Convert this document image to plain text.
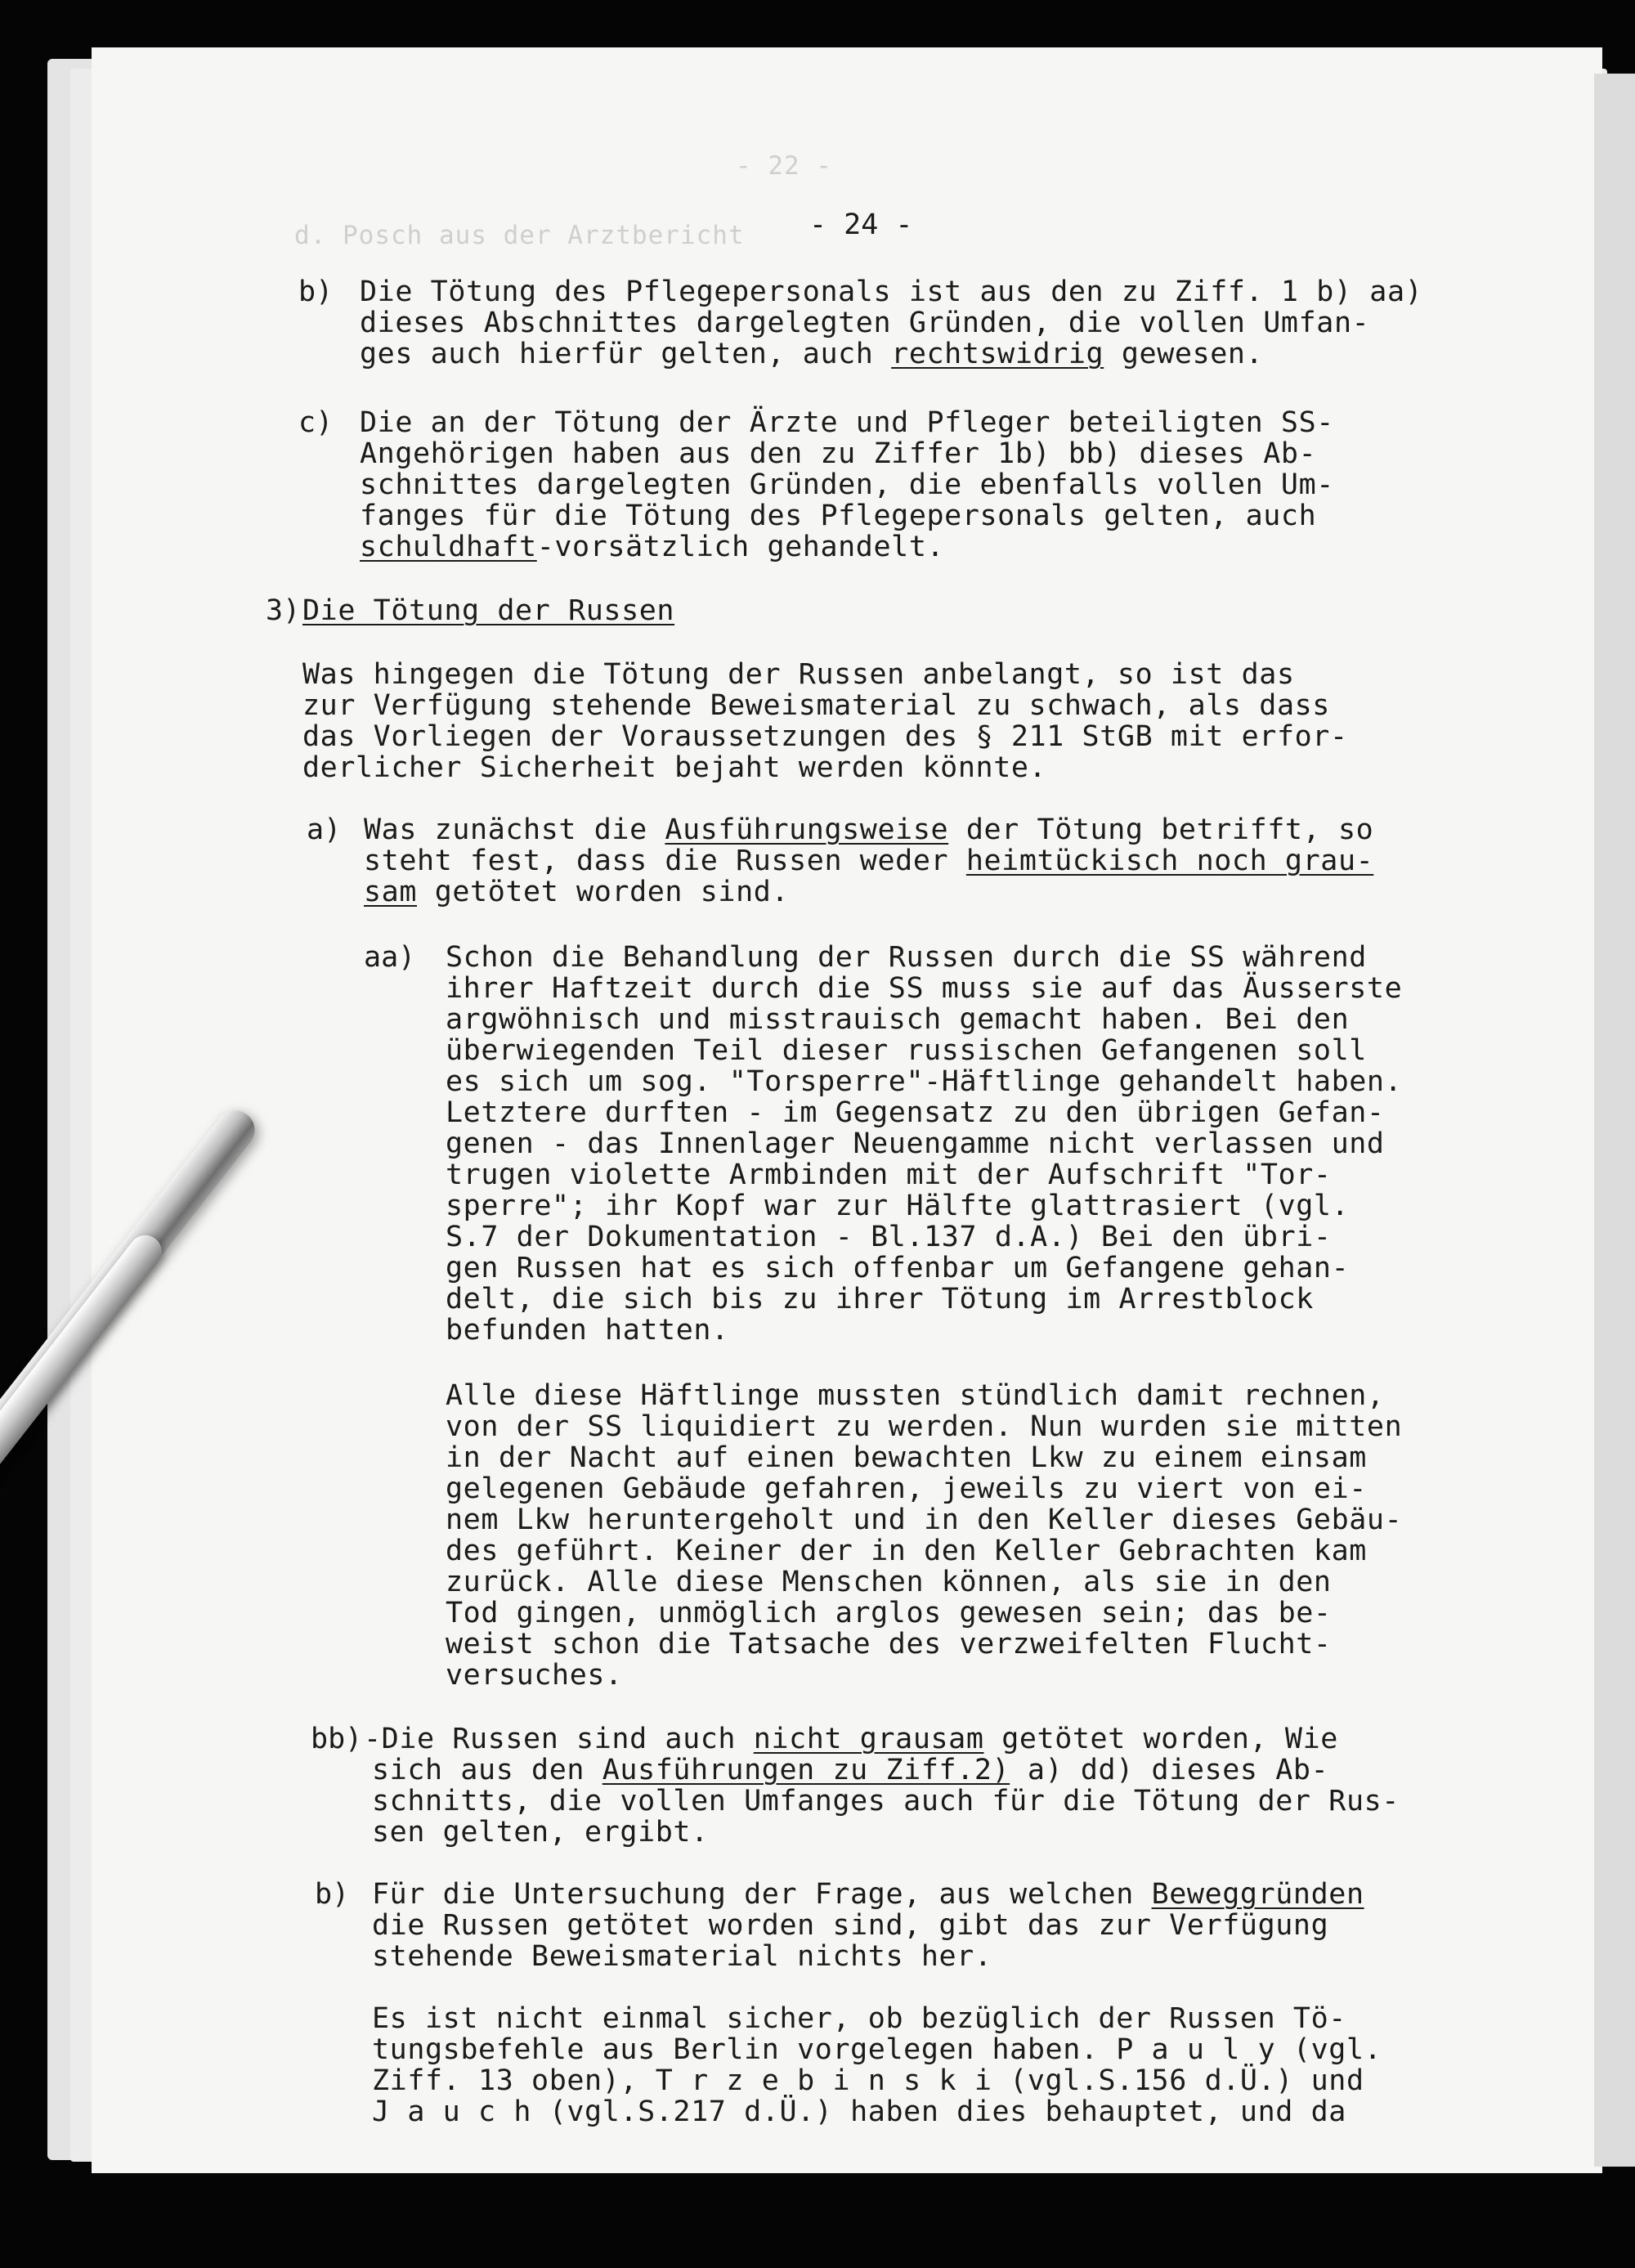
- 22 -
d. Posch aus der Arztbericht - 24 -
b) Die Tötung des Pflegepersonals ist aus den zu Ziff. 1 b) aa)
dieses Abschnittes dargelegten Gründen, die vollen Umfan-
ges auch hierfür gelten, auch rechtswidrig gewesen.
c) Die an der Tötung der Ärzte und Pfleger beteiligten SS-
Angehörigen haben aus den zu Ziffer 1b) bb) dieses Ab-
schnittes dargelegten Gründen, die ebenfalls vollen Um-
fanges für die Tötung des Pflegepersonals gelten, auch
schuldhaft-vorsätzlich gehandelt.
3) Die Tötung der Russen
Was hingegen die Tötung der Russen anbelangt, so ist das
zur Verfügung stehende Beweismaterial zu schwach, als dass
das Vorliegen der Voraussetzungen des § 211 StGB mit erfor-
derlicher Sicherheit bejaht werden könnte.
a) Was zunächst die Ausführungsweise der Tötung betrifft, so
steht fest, dass die Russen weder heimtückisch noch grau-
sam getötet worden sind.
aa) Schon die Behandlung der Russen durch die SS während
ihrer Haftzeit durch die SS muss sie auf das Äusserste
argwöhnisch und misstrauisch gemacht haben. Bei den
überwiegenden Teil dieser russischen Gefangenen soll
es sich um sog. "Torsperre"-Häftlinge gehandelt haben.
Letztere durften - im Gegensatz zu den übrigen Gefan-
genen - das Innenlager Neuengamme nicht verlassen und
trugen violette Armbinden mit der Aufschrift "Tor-
sperre"; ihr Kopf war zur Hälfte glattrasiert (vgl.
S.7 der Dokumentation - Bl.137 d.A.) Bei den übri-
gen Russen hat es sich offenbar um Gefangene gehan-
delt, die sich bis zu ihrer Tötung im Arrestblock
befunden hatten.
Alle diese Häftlinge mussten stündlich damit rechnen,
von der SS liquidiert zu werden. Nun wurden sie mitten
in der Nacht auf einen bewachten Lkw zu einem einsam
gelegenen Gebäude gefahren, jeweils zu viert von ei-
nem Lkw heruntergeholt und in den Keller dieses Gebäu-
des geführt. Keiner der in den Keller Gebrachten kam
zurück. Alle diese Menschen können, als sie in den
Tod gingen, unmöglich arglos gewesen sein; das be-
weist schon die Tatsache des verzweifelten Flucht-
versuches.
bb) -Die Russen sind auch nicht grausam getötet worden, Wie
sich aus den Ausführungen zu Ziff.2) a) dd) dieses Ab-
schnitts, die vollen Umfanges auch für die Tötung der Rus-
sen gelten, ergibt.
b) Für die Untersuchung der Frage, aus welchen Beweggründen
die Russen getötet worden sind, gibt das zur Verfügung
stehende Beweismaterial nichts her.
Es ist nicht einmal sicher, ob bezüglich der Russen Tö-
tungsbefehle aus Berlin vorgelegen haben. P a u l y (vgl.
Ziff. 13 oben), T r z e b i n s k i (vgl.S.156 d.Ü.) und
J a u c h (vgl.S.217 d.Ü.) haben dies behauptet, und da
